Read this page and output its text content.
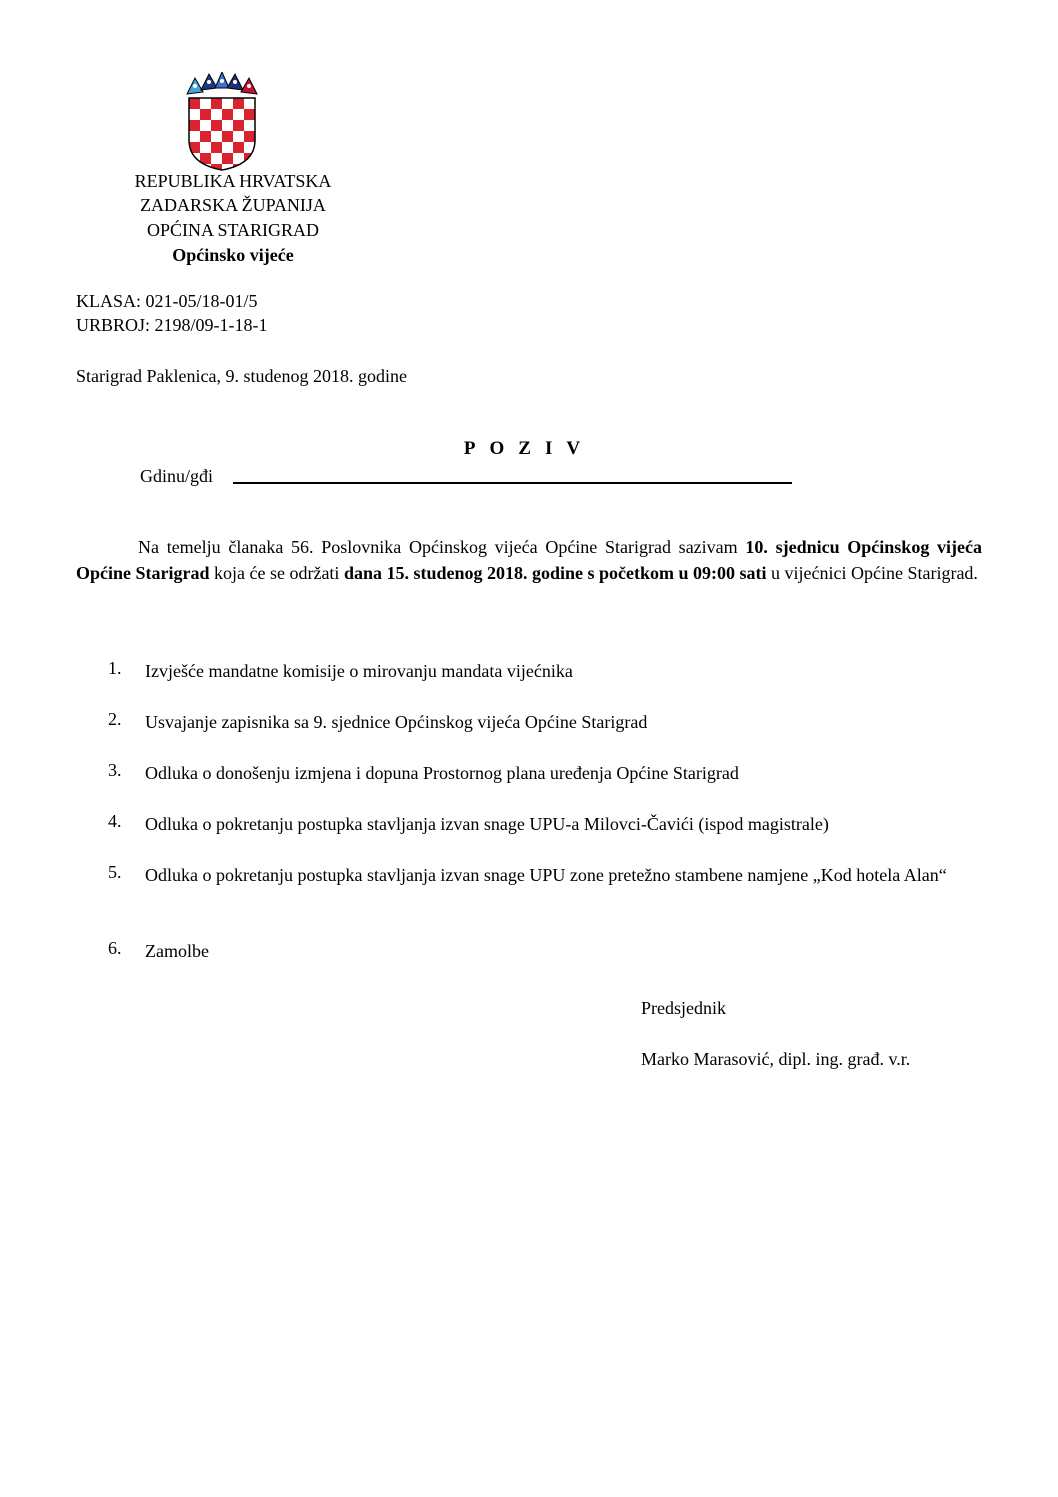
REPUBLIKA HRVATSKA
ZADARSKA ŽUPANIJA
OPĆINA STARIGRAD
Općinsko vijeće
KLASA: 021-05/18-01/5
URBROJ: 2198/09-1-18-1
Starigrad Paklenica, 9. studenog 2018. godine
POZIV
Gdinu/gđi
Na temelju članaka 56. Poslovnika Općinskog vijeća Općine Starigrad sazivam 10. sjednicu Općinskog vijeća Općine Starigrad koja će se održati dana 15. studenog 2018. godine s početkom u 09:00 sati u vijećnici Općine Starigrad.
1. Izvješće mandatne komisije o mirovanju mandata vijećnika
2. Usvajanje zapisnika sa 9. sjednice Općinskog vijeća Općine Starigrad
3. Odluka o donošenju izmjena i dopuna Prostornog plana uređenja Općine Starigrad
4. Odluka o pokretanju postupka stavljanja izvan snage UPU-a Milovci-Čavići (ispod magistrale)
5. Odluka o pokretanju postupka stavljanja izvan snage UPU zone pretežno stambene namjene „Kod hotela Alan“
6. Zamolbe
Predsjednik
Marko Marasović, dipl. ing. građ. v.r.
